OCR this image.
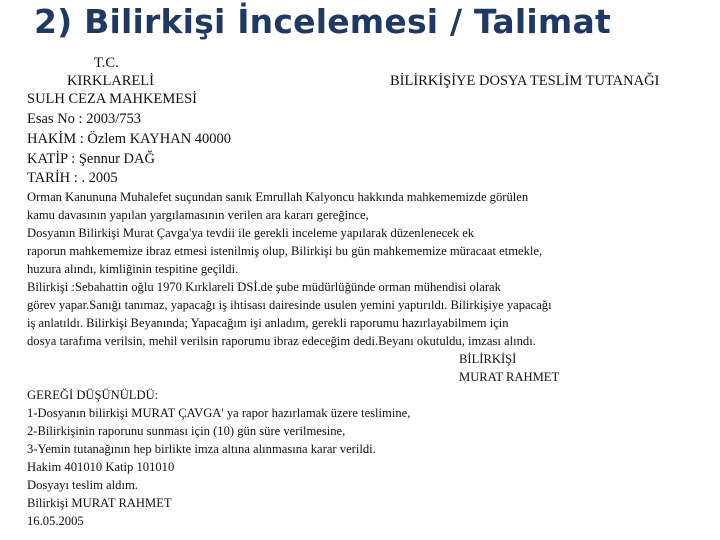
2) Bilirkişi İncelemesi / Talimat
T.C.
KIRKLARELİ	BİLİRKİŞİYE DOSYA TESLİM TUTANAĞI
SULH CEZA MAHKEMESİ
Esas No : 2003/753
HAKİM : Özlem KAYHAN 40000
KATİP : Şennur DAĞ
TARİH : . 2005
Orman Kanununa Muhalefet suçundan sanık Emrullah Kalyoncu hakkında mahkememizde görülen
kamu davasının yapılan yargılamasının verilen ara kararı gereğince,
Dosyanın Bilirkişi Murat Çavga'ya tevdii ile gerekli inceleme yapılarak düzenlenecek ek
raporun mahkememize ibraz etmesi istenilmiş olup, Bilirkişi bu gün mahkememize müracaat etmekle,
huzura alındı, kimliğinin tespitine geçildi.
Bilirkişi :Sebahattin oğlu 1970 Kırklareli DSİ.de şube müdürlüğünde orman mühendisi olarak
görev yapar.Sanığı tanımaz, yapacağı iş ihtisası dairesinde usulen yemini yaptırıldı. Bilirkişiye yapacağı
iş anlatıldı. Bilirkişi Beyanında; Yapacağım işi anladım, gerekli raporumu hazırlayabilmem için
dosya tarafıma verilsin, mehil verilsin raporumu ibraz edeceğim dedi.Beyanı okutuldu, imzası alındı.
BİLİRKİŞİ
MURAT RAHMET
GEREĞİ DÜŞÜNÜLDÜ:
1-Dosyanın bilirkişi MURAT ÇAVGA' ya rapor hazırlamak üzere teslimine,
2-Bilirkişinin raporunu sunması için (10) gün süre verilmesine,
3-Yemin tutanağının hep birlikte imza altına alınmasına karar verildi.
Hakim 401010 Katip 101010
Dosyayı teslim aldım.
Bilirkişi MURAT RAHMET
16.05.2005
